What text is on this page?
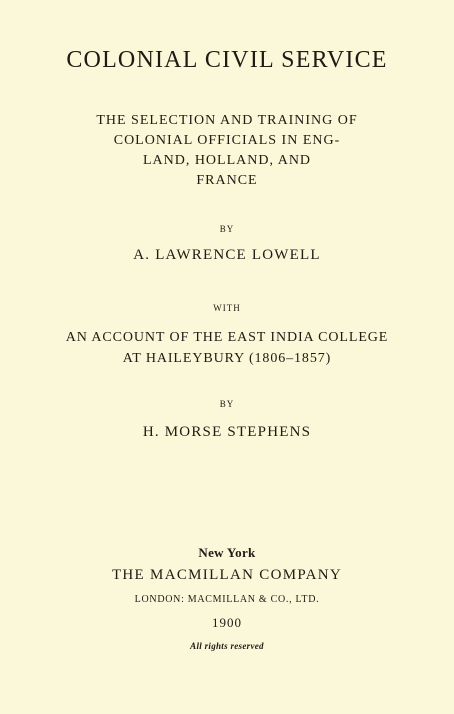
COLONIAL CIVIL SERVICE
THE SELECTION AND TRAINING OF
COLONIAL OFFICIALS IN ENG-
LAND, HOLLAND, AND
FRANCE
BY
A. LAWRENCE LOWELL
WITH
AN ACCOUNT OF THE EAST INDIA COLLEGE
AT HAILEYBURY (1806–1857)
BY
H. MORSE STEPHENS
New York
THE MACMILLAN COMPANY
LONDON: MACMILLAN & CO., LTD.
1900
All rights reserved
